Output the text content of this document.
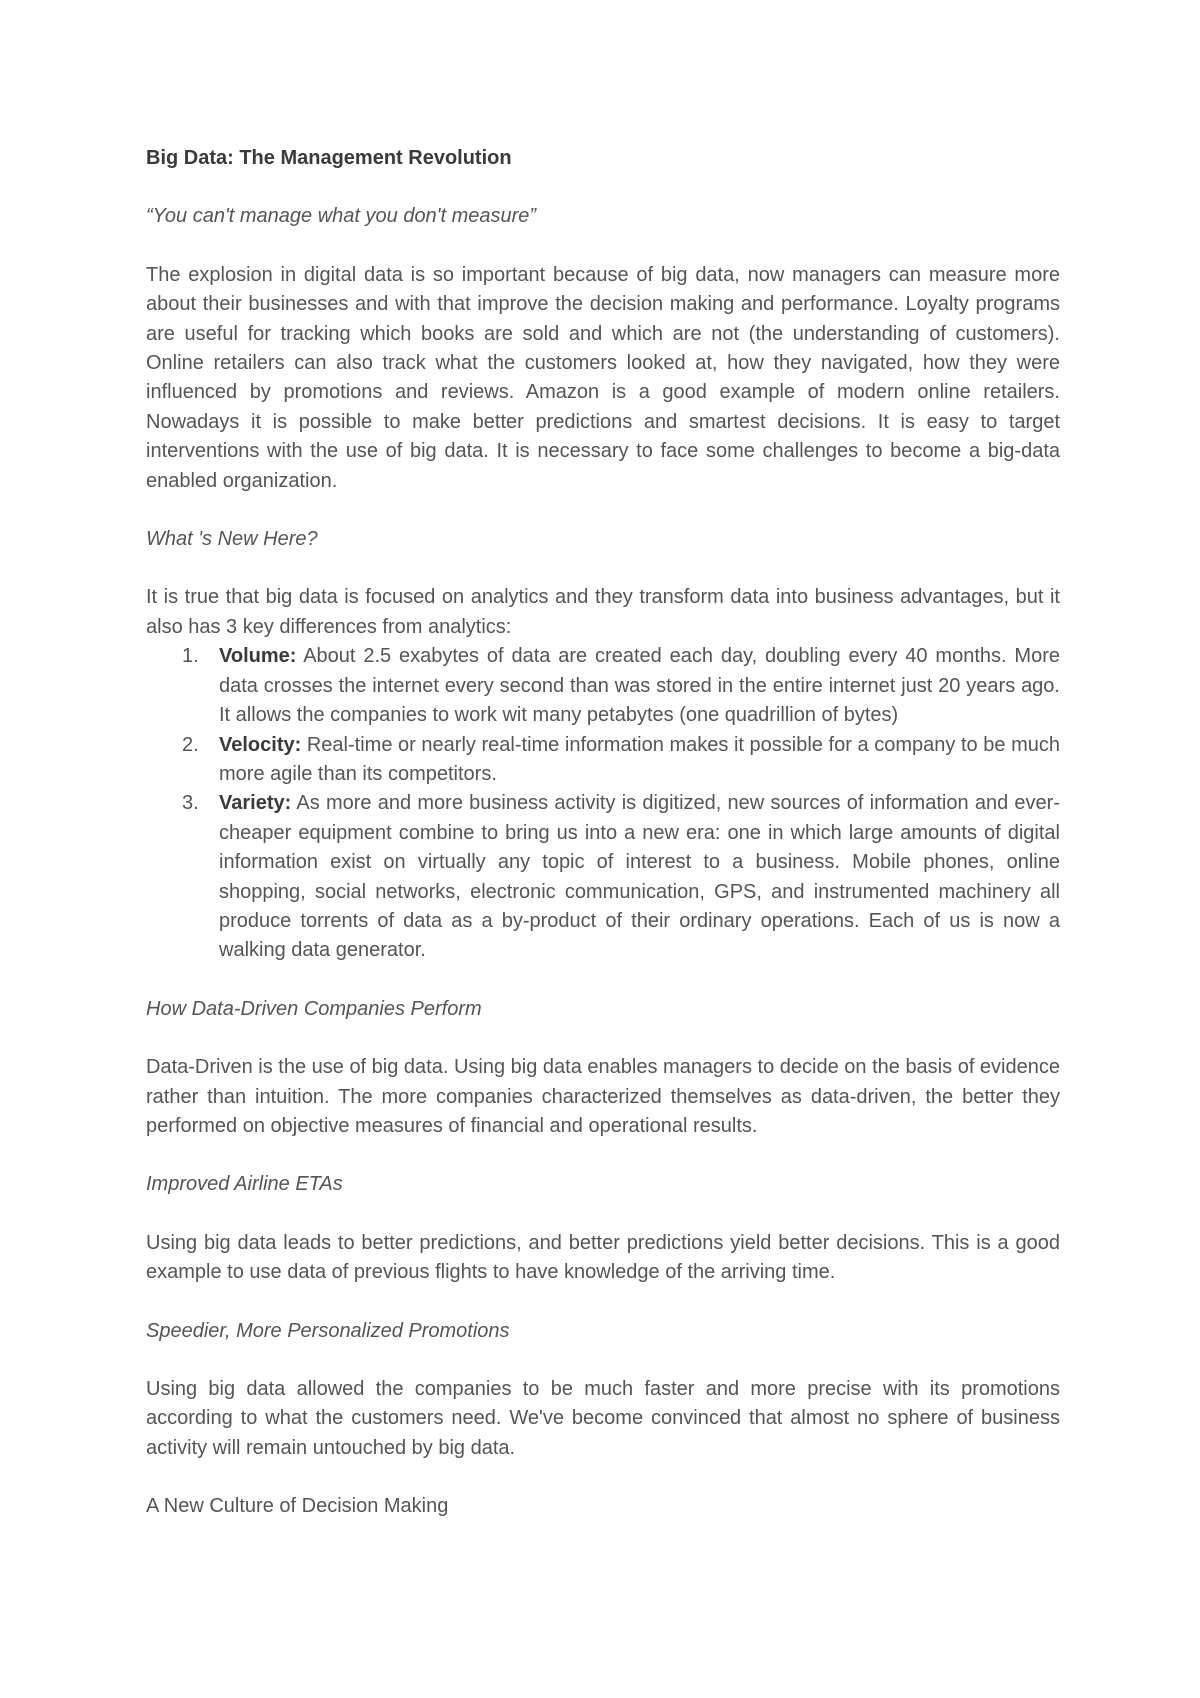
Big Data: The Management Revolution

“You can't manage what you don't measure”

The explosion in digital data is so important because of big data, now managers can measure more about their businesses and with that improve the decision making and performance. Loyalty programs are useful for tracking which books are sold and which are not (the understanding of customers). Online retailers can also track what the customers looked at, how they navigated, how they were influenced by promotions and reviews. Amazon is a good example of modern online retailers. Nowadays it is possible to make better predictions and smartest decisions. It is easy to target interventions with the use of big data. It is necessary to face some challenges to become a big-data enabled organization.

What 's New Here?

It is true that big data is focused on analytics and they transform data into business advantages, but it also has 3 key differences from analytics:

1. Volume: About 2.5 exabytes of data are created each day, doubling every 40 months. More data crosses the internet every second than was stored in the entire internet just 20 years ago. It allows the companies to work wit many petabytes (one quadrillion of bytes)
2. Velocity: Real-time or nearly real-time information makes it possible for a company to be much more agile than its competitors.
3. Variety: As more and more business activity is digitized, new sources of information and ever-cheaper equipment combine to bring us into a new era: one in which large amounts of digital information exist on virtually any topic of interest to a business. Mobile phones, online shopping, social networks, electronic communication, GPS, and instrumented machinery all produce torrents of data as a by-product of their ordinary operations. Each of us is now a walking data generator.

How Data-Driven Companies Perform

Data-Driven is the use of big data. Using big data enables managers to decide on the basis of evidence rather than intuition. The more companies characterized themselves as data-driven, the better they performed on objective measures of financial and operational results.

Improved Airline ETAs

Using big data leads to better predictions, and better predictions yield better decisions. This is a good example to use data of previous flights to have knowledge of the arriving time.

Speedier, More Personalized Promotions

Using big data allowed the companies to be much faster and more precise with its promotions according to what the customers need. We've become convinced that almost no sphere of business activity will remain untouched by big data.

A New Culture of Decision Making
